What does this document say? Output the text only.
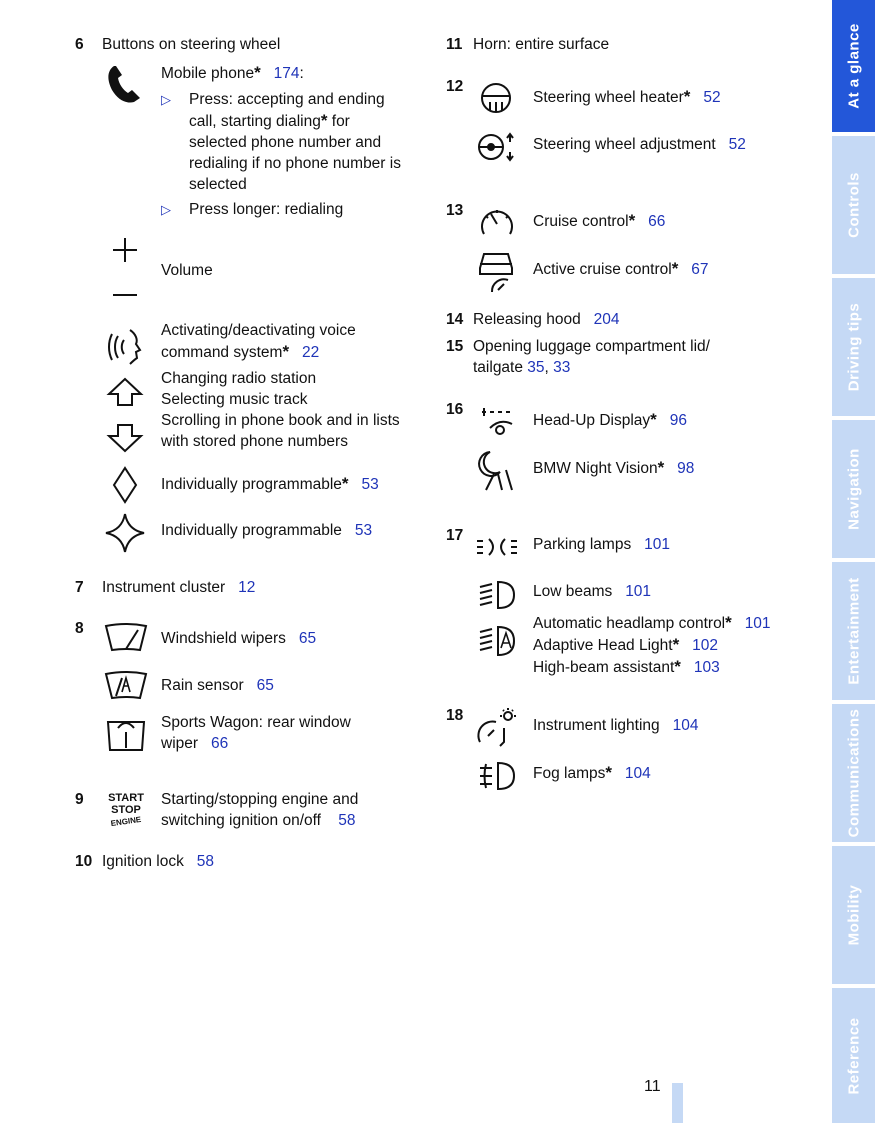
6 Buttons on steering wheel
Mobile phone* 174:
▷ Press: accepting and ending
call, starting dialing* for
selected phone number and
redialing if no phone number is
selected
▷ Press longer: redialing
Volume
Activating/deactivating voice
command system* 22
Changing radio station
Selecting music track
Scrolling in phone book and in lists
with stored phone numbers
Individually programmable* 53
Individually programmable 53
7 Instrument cluster 12
8
Windshield wipers 65
Rain sensor 65
Sports Wagon: rear window
wiper 66
9	START
STOP
ENGINE
Starting/stopping engine and
switching ignition on/off 58
10 Ignition lock 58
11 Horn: entire surface
12
Steering wheel heater* 52
Steering wheel adjustment 52
13
Cruise control* 66
Active cruise control* 67
14 Releasing hood 204
15 Opening luggage compartment lid/
tailgate 35, 33
16
Head-Up Display* 96
BMW Night Vision* 98
17
Parking lamps 101
Low beams 101
Automatic headlamp control* 101
Adaptive Head Light* 102
High-beam assistant* 103
18
Instrument lighting 104
Fog lamps* 104
11
At a glance
Controls
Driving tips
Navigation
Entertainment
Communications
Mobility
Reference
